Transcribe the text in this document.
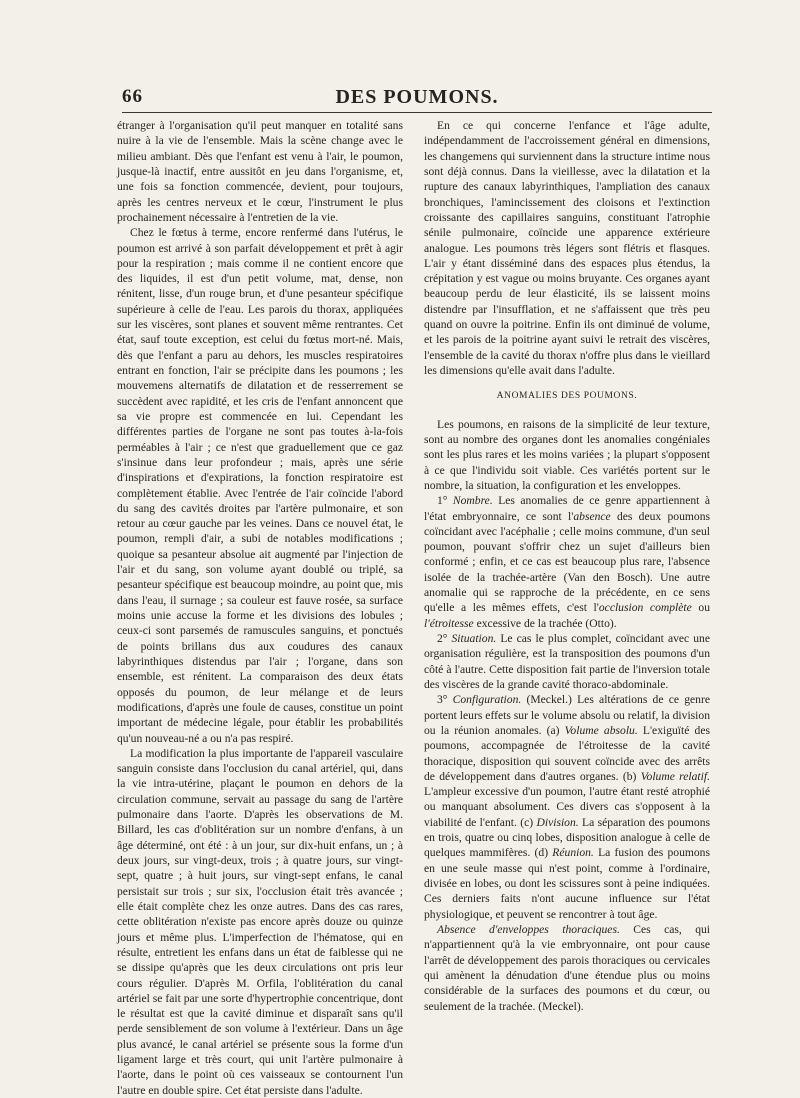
66	DES POUMONS.

étranger à l'organisation qu'il peut manquer en totalité sans nuire à la vie de l'ensemble. Mais la scène change avec le milieu ambiant. Dès que l'enfant est venu à l'air, le poumon, jusque-là inactif, entre aussitôt en jeu dans l'organisme, et, une fois sa fonction commencée, devient, pour toujours, après les centres nerveux et le cœur, l'instrument le plus prochainement nécessaire à l'entretien de la vie.

Chez le fœtus à terme, encore renfermé dans l'utérus, le poumon est arrivé à son parfait développement et prêt à agir pour la respiration ; mais comme il ne contient encore que des liquides, il est d'un petit volume, mat, dense, non rénitent, lisse, d'un rouge brun, et d'une pesanteur spécifique supérieure à celle de l'eau. Les parois du thorax, appliquées sur les viscères, sont planes et souvent même rentrantes. Cet état, sauf toute exception, est celui du fœtus mort-né. Mais, dès que l'enfant a paru au dehors, les muscles respiratoires entrant en fonction, l'air se précipite dans les poumons ; les mouvemens alternatifs de dilatation et de resserrement se succèdent avec rapidité, et les cris de l'enfant annoncent que sa vie propre est commencée en lui. Cependant les différentes parties de l'organe ne sont pas toutes à-la-fois perméables à l'air ; ce n'est que graduellement que ce gaz s'insinue dans leur profondeur ; mais, après une série d'inspirations et d'expirations, la fonction respiratoire est complètement établie. Avec l'entrée de l'air coïncide l'abord du sang des cavités droites par l'artère pulmonaire, et son retour au cœur gauche par les veines. Dans ce nouvel état, le poumon, rempli d'air, a subi de notables modifications ; quoique sa pesanteur absolue ait augmenté par l'injection de l'air et du sang, son volume ayant doublé ou triplé, sa pesanteur spécifique est beaucoup moindre, au point que, mis dans l'eau, il surnage ; sa couleur est fauve rosée, sa surface moins unie accuse la forme et les divisions des lobules ; ceux-ci sont parsemés de ramuscules sanguins, et ponctués de points brillans dus aux coudures des canaux labyrinthiques distendus par l'air ; l'organe, dans son ensemble, est rénitent. La comparaison des deux états opposés du poumon, de leur mélange et de leurs modifications, d'après une foule de causes, constitue un point important de médecine légale, pour établir les probabilités qu'un nouveau-né a ou n'a pas respiré.

La modification la plus importante de l'appareil vasculaire sanguin consiste dans l'occlusion du canal artériel, qui, dans la vie intra-utérine, plaçant le poumon en dehors de la circulation commune, servait au passage du sang de l'artère pulmonaire dans l'aorte. D'après les observations de M. Billard, les cas d'oblitération sur un nombre d'enfans, à un âge déterminé, ont été : à un jour, sur dix-huit enfans, un ; à deux jours, sur vingt-deux, trois ; à quatre jours, sur vingt-sept, quatre ; à huit jours, sur vingt-sept enfans, le canal persistait sur trois ; sur six, l'occlusion était très avancée ; elle était complète chez les onze autres. Dans des cas rares, cette oblitération n'existe pas encore après douze ou quinze jours et même plus. L'imperfection de l'hématose, qui en résulte, entretient les enfans dans un état de faiblesse qui ne se dissipe qu'après que les deux circulations ont pris leur cours régulier. D'après M. Orfila, l'oblitération du canal artériel se fait par une sorte d'hypertrophie concentrique, dont le résultat est que la cavité diminue et disparaît sans qu'il perde sensiblement de son volume à l'extérieur. Dans un âge plus avancé, le canal artériel se présente sous la forme d'un ligament large et très court, qui unit l'artère pulmonaire à l'aorte, dans le point où ces vaisseaux se contournent l'un l'autre en double spire. Cet état persiste dans l'adulte.

En ce qui concerne l'enfance et l'âge adulte, indépendamment de l'accroissement général en dimensions, les changemens qui surviennent dans la structure intime nous sont déjà connus. Dans la vieillesse, avec la dilatation et la rupture des canaux labyrinthiques, l'ampliation des canaux bronchiques, l'amincissement des cloisons et l'extinction croissante des capillaires sanguins, constituant l'atrophie sénile pulmonaire, coïncide une apparence extérieure analogue. Les poumons très légers sont flétris et flasques. L'air y étant disséminé dans des espaces plus étendus, la crépitation y est vague ou moins bruyante. Ces organes ayant beaucoup perdu de leur élasticité, ils se laissent moins distendre par l'insufflation, et ne s'affaissent que très peu quand on ouvre la poitrine. Enfin ils ont diminué de volume, et les parois de la poitrine ayant suivi le retrait des viscères, l'ensemble de la cavité du thorax n'offre plus dans le vieillard les dimensions qu'elle avait dans l'adulte.

ANOMALIES DES POUMONS.

Les poumons, en raisons de la simplicité de leur texture, sont au nombre des organes dont les anomalies congéniales sont les plus rares et les moins variées ; la plupart s'opposent à ce que l'individu soit viable. Ces variétés portent sur le nombre, la situation, la configuration et les enveloppes.

1° Nombre. Les anomalies de ce genre appartiennent à l'état embryonnaire, ce sont l'absence des deux poumons coïncidant avec l'acéphalie ; celle moins commune, d'un seul poumon, pouvant s'offrir chez un sujet d'ailleurs bien conformé ; enfin, et ce cas est beaucoup plus rare, l'absence isolée de la trachée-artère (Van den Bosch). Une autre anomalie qui se rapproche de la précédente, en ce sens qu'elle a les mêmes effets, c'est l'occlusion complète ou l'étroitesse excessive de la trachée (Otto).

2° Situation. Le cas le plus complet, coïncidant avec une organisation régulière, est la transposition des poumons d'un côté à l'autre. Cette disposition fait partie de l'inversion totale des viscères de la grande cavité thoraco-abdominale.

3° Configuration. (Meckel.) Les altérations de ce genre portent leurs effets sur le volume absolu ou relatif, la division ou la réunion anomales. (a) Volume absolu. L'exiguïté des poumons, accompagnée de l'étroitesse de la cavité thoracique, disposition qui souvent coïncide avec des arrêts de développement dans d'autres organes. (b) Volume relatif. L'ampleur excessive d'un poumon, l'autre étant resté atrophié ou manquant absolument. Ces divers cas s'opposent à la viabilité de l'enfant. (c) Division. La séparation des poumons en trois, quatre ou cinq lobes, disposition analogue à celle de quelques mammifères. (d) Réunion. La fusion des poumons en une seule masse qui n'est point, comme à l'ordinaire, divisée en lobes, ou dont les scissures sont à peine indiquées. Ces derniers faits n'ont aucune influence sur l'état physiologique, et peuvent se rencontrer à tout âge.

Absence d'enveloppes thoraciques. Ces cas, qui n'appartiennent qu'à la vie embryonnaire, ont pour cause l'arrêt de développement des parois thoraciques ou cervicales qui amènent la dénudation d'une étendue plus ou moins considérable de la surfaces des poumons et du cœur, ou seulement de la trachée. (Meckel).
